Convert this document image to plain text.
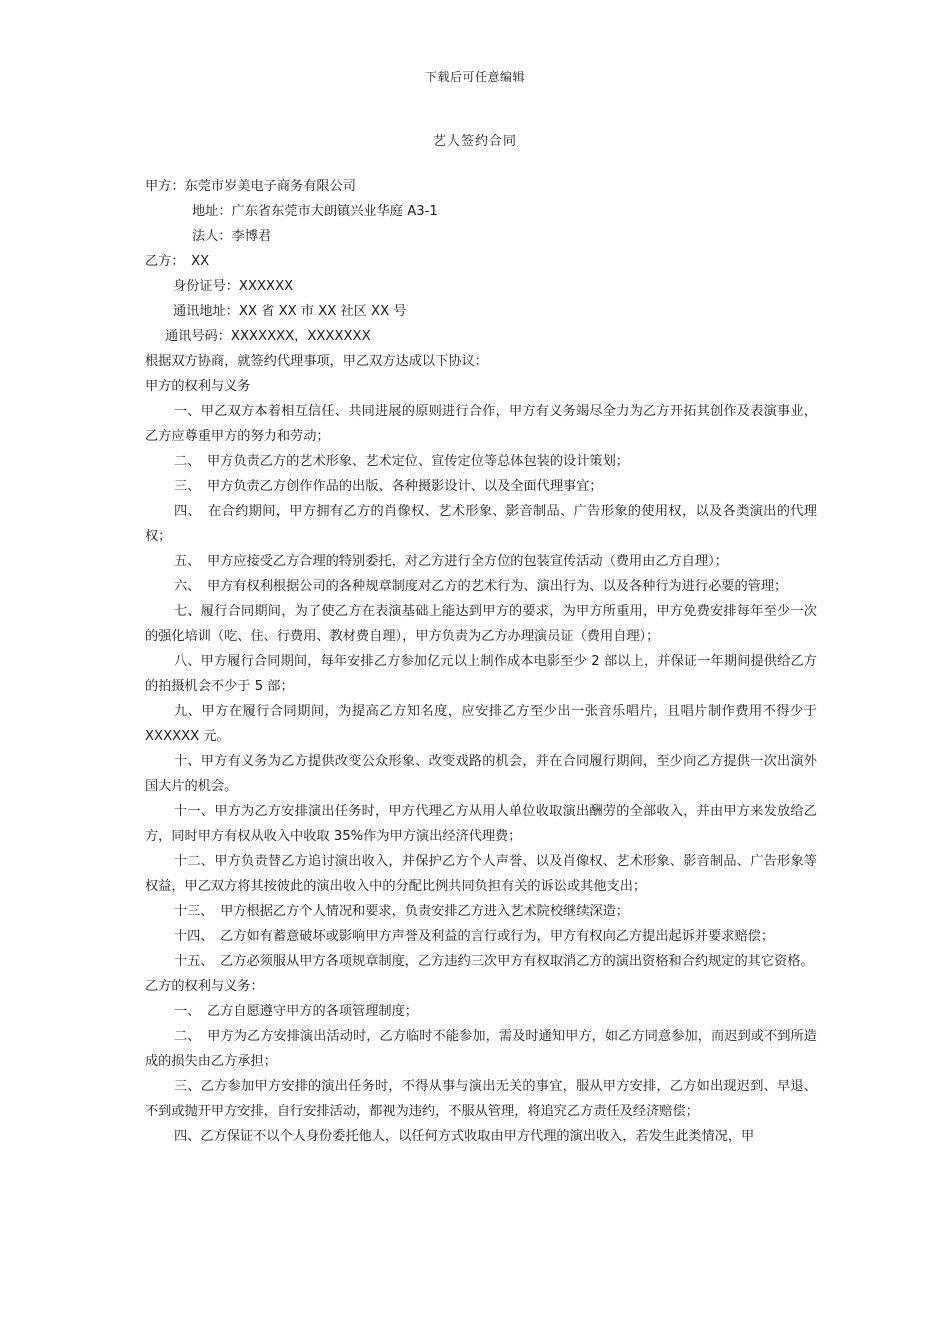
下载后可任意编辑
艺人签约合同

甲方：东莞市岁美电子商务有限公司

地址：广东省东莞市大朗镇兴业华庭 A3-1

法人：李博君

乙方：　XX

身份证号：XXXXXX

通讯地址：XX 省 XX 市 XX 社区 XX 号

通讯号码：XXXXXXX，XXXXXXX

根据双方协商，就签约代理事项，甲乙双方达成以下协议：

甲方的权利与义务

一、甲乙双方本着相互信任、共同进展的原则进行合作，甲方有义务竭尽全力为乙方开拓其创作及表演事业，乙方应尊重甲方的努力和劳动；

二、　甲方负责乙方的艺术形象、艺术定位、宣传定位等总体包装的设计策划；

三、　甲方负责乙方创作作品的出版、各种摄影设计、以及全面代理事宜；

四、　在合约期间，甲方拥有乙方的肖像权、艺术形象、影音制品、广告形象的使用权，以及各类演出的代理权；

五、　甲方应接受乙方合理的特别委托，对乙方进行全方位的包装宣传活动（费用由乙方自理）；

六、　甲方有权利根据公司的各种规章制度对乙方的艺术行为、演出行为、以及各种行为进行必要的管理；

七、履行合同期间，为了使乙方在表演基础上能达到甲方的要求，为甲方所重用，甲方免费安排每年至少一次的强化培训（吃、住、行费用、教材费自理），甲方负责为乙方办理演员证（费用自理）；

八、甲方履行合同期间，每年安排乙方参加亿元以上制作成本电影至少 2 部以上，并保证一年期间提供给乙方的拍摄机会不少于 5 部；

九、甲方在履行合同期间，为提高乙方知名度，应安排乙方至少出一张音乐唱片，且唱片制作费用不得少于 XXXXXX 元。

十、甲方有义务为乙方提供改变公众形象、改变戏路的机会，并在合同履行期间，至少向乙方提供一次出演外国大片的机会。

十一、甲方为乙方安排演出任务时，甲方代理乙方从用人单位收取演出酬劳的全部收入，并由甲方来发放给乙方，同时甲方有权从收入中收取 35%作为甲方演出经济代理费；

十二、甲方负责替乙方追讨演出收入，并保护乙方个人声誉、以及肖像权、艺术形象、影音制品、广告形象等权益，甲乙双方将其按彼此的演出收入中的分配比例共同负担有关的诉讼或其他支出；

十三、　甲方根据乙方个人情况和要求，负责安排乙方进入艺术院校继续深造；

十四、　乙方如有蓄意破坏或影响甲方声誉及利益的言行或行为，甲方有权向乙方提出起诉并要求赔偿；

十五、　乙方必须服从甲方各项规章制度，乙方违约三次甲方有权取消乙方的演出资格和合约规定的其它资格。

乙方的权利与义务：

一、　乙方自愿遵守甲方的各项管理制度；

二、　甲方为乙方安排演出活动时，乙方临时不能参加，需及时通知甲方，如乙方同意参加，而迟到或不到所造成的损失由乙方承担；

三、乙方参加甲方安排的演出任务时，不得从事与演出无关的事宜，服从甲方安排，乙方如出现迟到、早退、不到或抛开甲方安排，自行安排活动，都视为违约，不服从管理，将追究乙方责任及经济赔偿；

四、乙方保证不以个人身份委托他人，以任何方式收取由甲方代理的演出收入，若发生此类情况，甲
